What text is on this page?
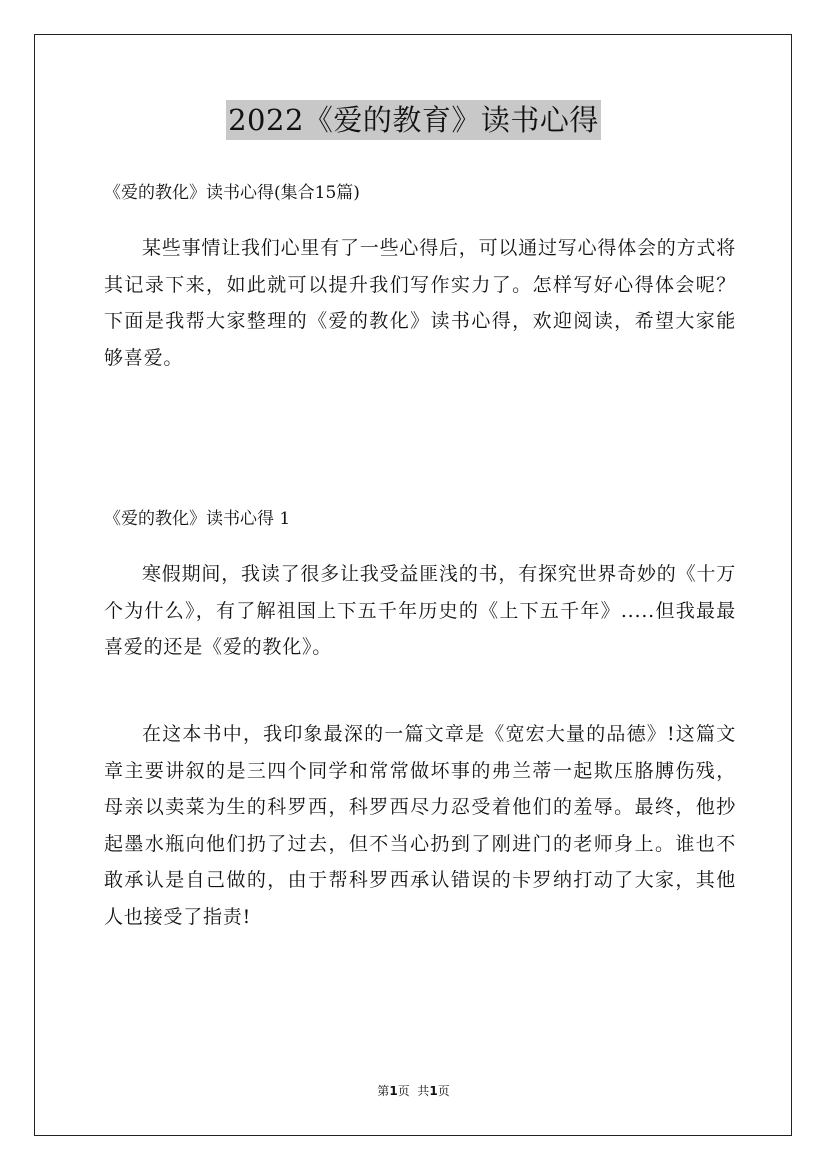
2022《爱的教育》读书心得
《爱的教化》读书心得(集合15篇)

某些事情让我们心里有了一些心得后，可以通过写心得体会的方式将其记录下来，如此就可以提升我们写作实力了。怎样写好心得体会呢？下面是我帮大家整理的《爱的教化》读书心得，欢迎阅读，希望大家能够喜爱。

《爱的教化》读书心得 1

寒假期间，我读了很多让我受益匪浅的书，有探究世界奇妙的《十万个为什么》，有了解祖国上下五千年历史的《上下五千年》.....但我最最喜爱的还是《爱的教化》。

在这本书中，我印象最深的一篇文章是《宽宏大量的品德》!这篇文章主要讲叙的是三四个同学和常常做坏事的弗兰蒂一起欺压胳膊伤残，母亲以卖菜为生的科罗西，科罗西尽力忍受着他们的羞辱。最终，他抄起墨水瓶向他们扔了过去，但不当心扔到了刚进门的老师身上。谁也不敢承认是自己做的，由于帮科罗西承认错误的卡罗纳打动了大家，其他人也接受了指责!

第1页  共1页
